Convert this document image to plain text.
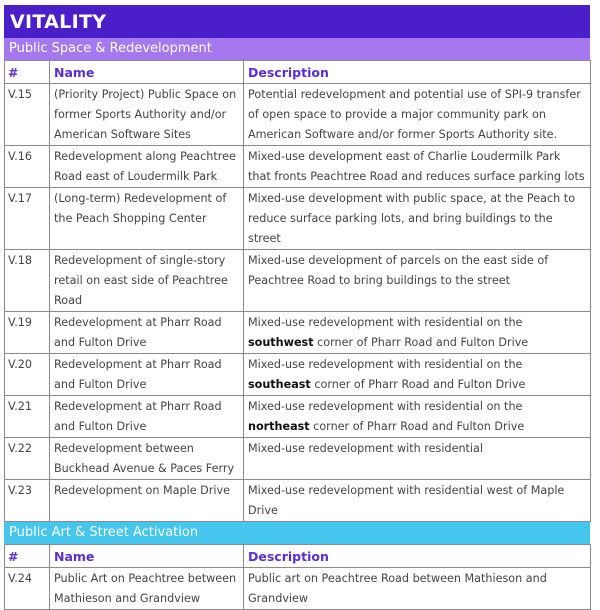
VITALITY
Public Space & Redevelopment
#	Name	Description
V.15	(Priority Project) Public Space on former Sports Authority and/or American Software Sites	Potential redevelopment and potential use of SPI-9 transfer of open space to provide a major community park on American Software and/or former Sports Authority site.
V.16	Redevelopment along Peachtree Road east of Loudermilk Park	Mixed-use development east of Charlie Loudermilk Park that fronts Peachtree Road and reduces surface parking lots
V.17	(Long-term) Redevelopment of the Peach Shopping Center	Mixed-use development with public space, at the Peach to reduce surface parking lots, and bring buildings to the street
V.18	Redevelopment of single-story retail on east side of Peachtree Road	Mixed-use development of parcels on the east side of Peachtree Road to bring buildings to the street
V.19	Redevelopment at Pharr Road and Fulton Drive	Mixed-use redevelopment with residential on the southwest corner of Pharr Road and Fulton Drive
V.20	Redevelopment at Pharr Road and Fulton Drive	Mixed-use redevelopment with residential on the southeast corner of Pharr Road and Fulton Drive
V.21	Redevelopment at Pharr Road and Fulton Drive	Mixed-use redevelopment with residential on the northeast corner of Pharr Road and Fulton Drive
V.22	Redevelopment between Buckhead Avenue & Paces Ferry	Mixed-use redevelopment with residential
V.23	Redevelopment on Maple Drive	Mixed-use redevelopment with residential west of Maple Drive
Public Art & Street Activation
#	Name	Description
V.24	Public Art on Peachtree between Mathieson and Grandview	Public art on Peachtree Road between Mathieson and Grandview
